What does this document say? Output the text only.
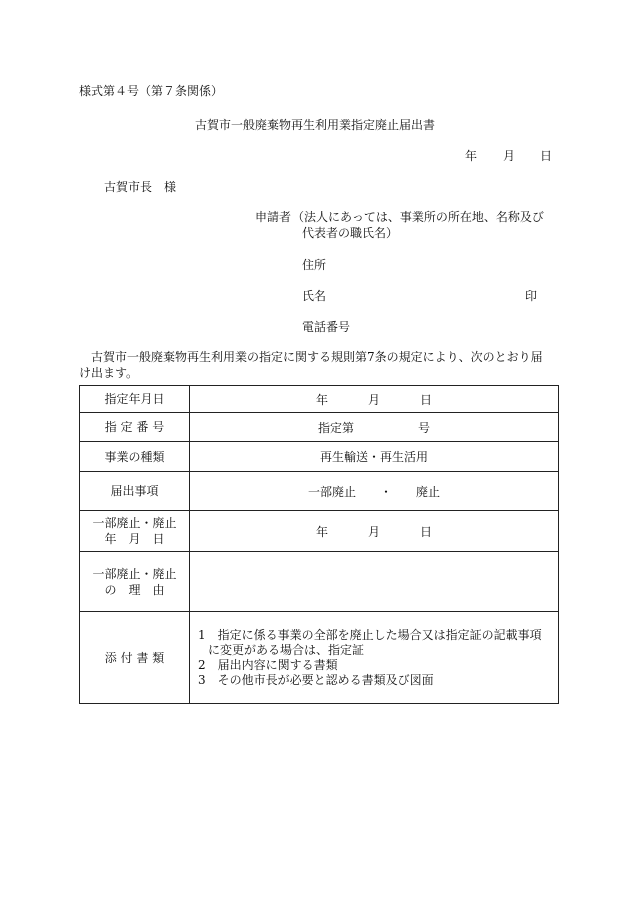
様式第４号（第７条関係）
古賀市一般廃棄物再生利用業指定廃止届出書
年 月 日
古賀市長　様
申請者 （法人にあっては、事業所の所在地、名称及び
代表者の職氏名）
住所
氏名	印
電話番号
　古賀市一般廃棄物再生利用業の指定に関する規則第7条の規定により、次のとおり届
け出ます。
指定年月日	年 月 日
指 定 番 号	指定第 号
事業の種類	再生輸送・再生活用
届出事項	一部廃止 ・ 廃止

一部廃止・廃止
年　月　日	年 月 日

一部廃止・廃止
の　理　由	

添 付 書 類	1　指定に係る事業の全部を廃止した場合又は指定証の記載事項
に変更がある場合は、指定証
2　届出内容に関する書類
3　その他市長が必要と認める書類及び図面
